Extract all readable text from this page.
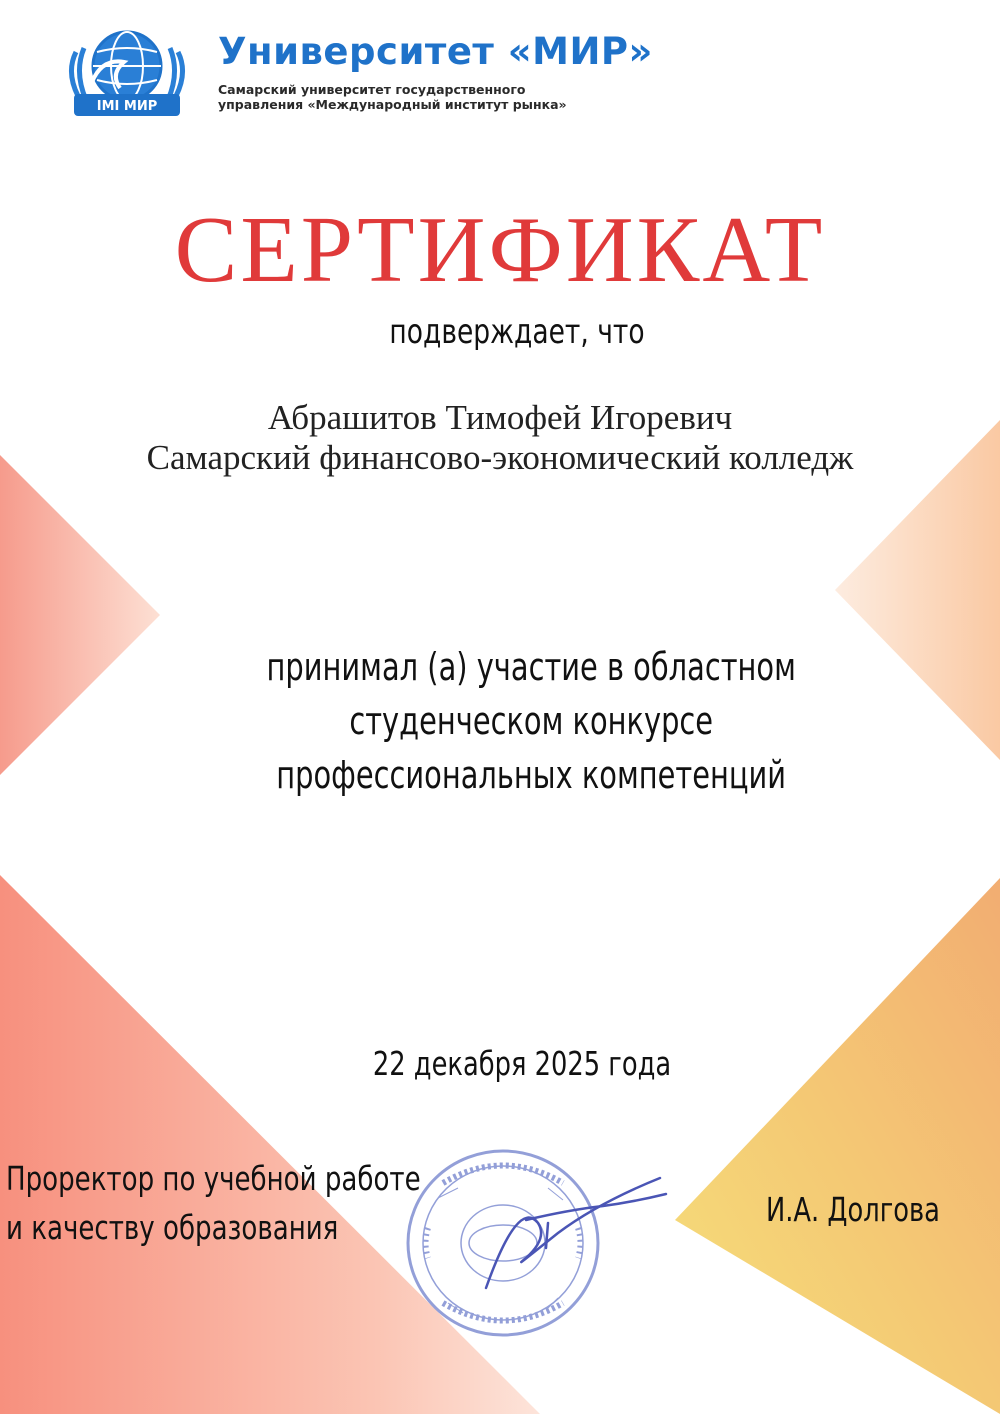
IMI МИР
Университет «МИР»
Самарский университет государственного
управления «Международный институт рынка»
СЕРТИФИКАТ
подверждает, что
Абрашитов Тимофей Игоревич
Самарский финансово-экономический колледж
принимал (а) участие в областном
студенческом конкурсе
профессиональных компетенций
22 декабря 2025 года
Проректор по учебной работе
и качеству образования	И.А. Долгова
